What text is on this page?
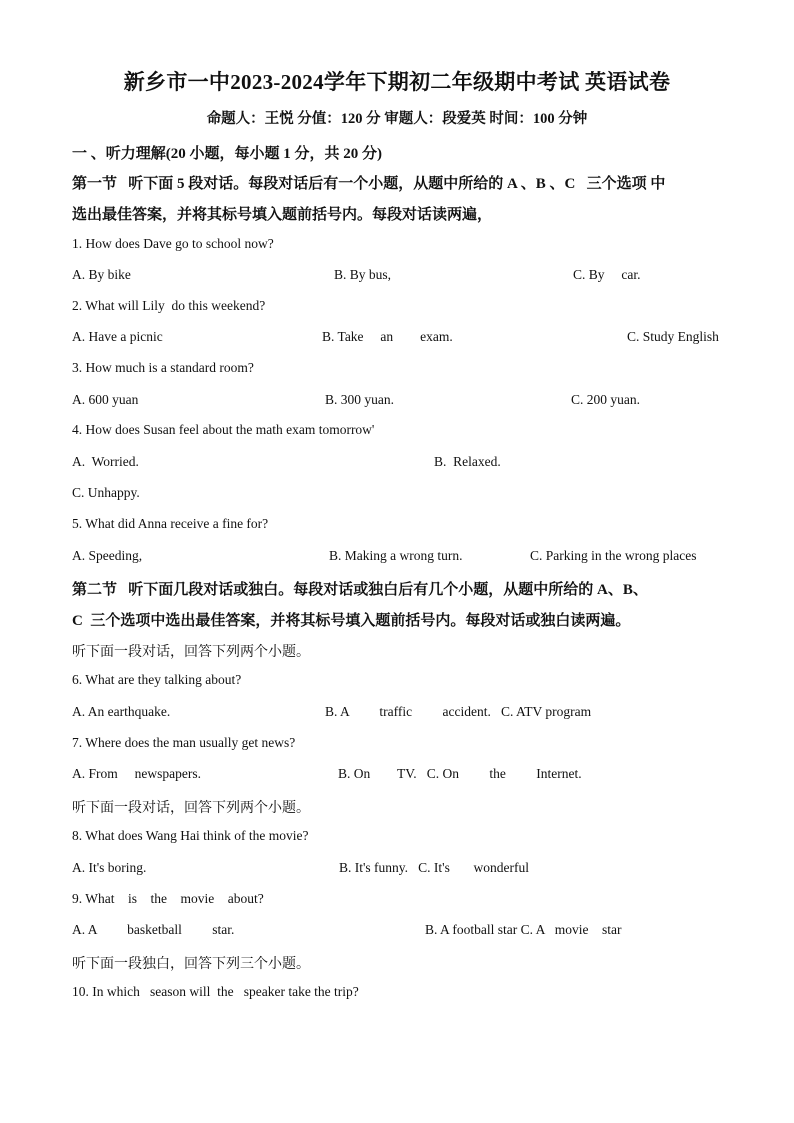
新乡市一中2023-2024学年下期初二年级期中考试 英语试卷
命题人：王悦 分值：120 分 审题人：段爱英 时间：100 分钟
一 、听力理解(20 小题，每小题 1 分，共 20 分)
第一节   听下面 5 段对话。每段对话后有一个小题，从题中所给的 A 、B 、C   三个选项 中
选出最佳答案，并将其标号填入题前括号内。每段对话读两遍，
1. How does Dave go to school now?
A. By bike	B. By bus,	C. By     car.
2. What will Lily  do this weekend?
A. Have a picnic	B. Take     an        exam.	C. Study English
3. How much is a standard room?
A. 600 yuan	B. 300 yuan.	C. 200 yuan.
4. How does Susan feel about the math exam tomorrow'
A.  Worried.	B.  Relaxed.
C. Unhappy.
5. What did Anna receive a fine for?
A. Speeding,	B. Making a wrong turn.	C. Parking in the wrong places
第二节   听下面几段对话或独白。每段对话或独白后有几个小题，从题中所给的 A、B、
C  三个选项中选出最佳答案，并将其标号填入题前括号内。每段对话或独白读两遍。
听下面一段对话，回答下列两个小题。
6. What are they talking about?
A. An earthquake.	B. A         traffic         accident.   C. ATV program
7. Where does the man usually get news?
A. From     newspapers.	B. On        TV.   C. On         the         Internet.
听下面一段对话，回答下列两个小题。
8. What does Wang Hai think of the movie?
A. It's boring.	B. It's funny.   C. It's       wonderful
9. What    is    the    movie    about?
A. A         basketball         star.	B. A football star C. A   movie    star
听下面一段独白，回答下列三个小题。
10. In which   season will  the   speaker take the trip?
